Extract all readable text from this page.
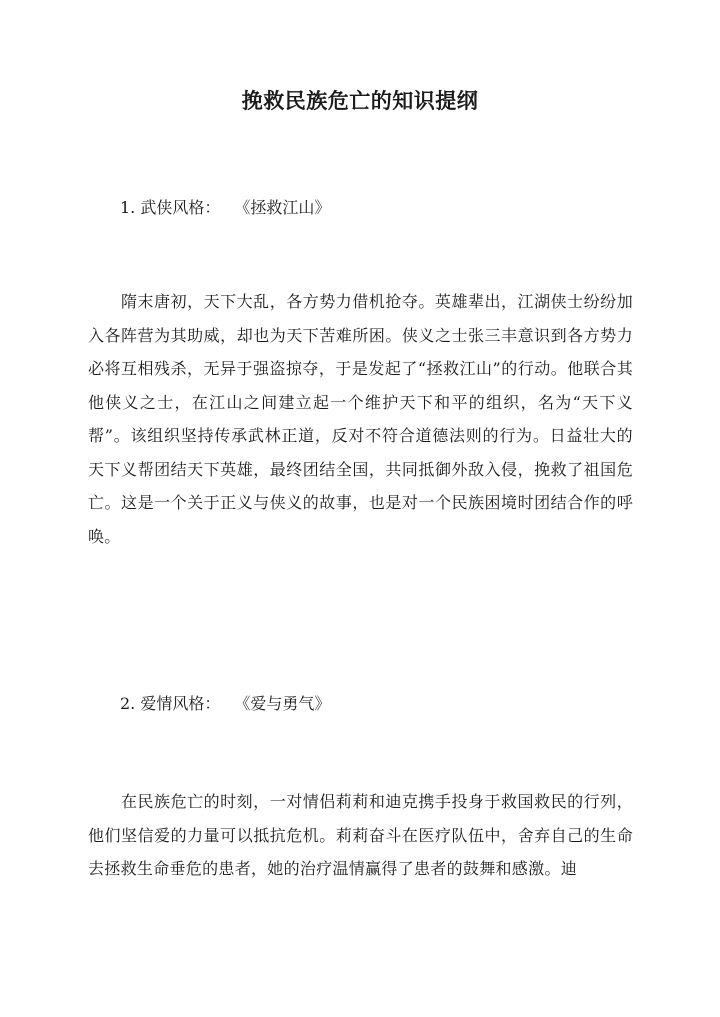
挽救民族危亡的知识提纲
1. 武侠风格： 《拯救江山》
隋末唐初，天下大乱，各方势力借机抢夺。英雄辈出，江湖侠士纷纷加入各阵营为其助威，却也为天下苦难所困。侠义之士张三丰意识到各方势力必将互相残杀，无异于强盗掠夺，于是发起了“拯救江山”的行动。他联合其他侠义之士，在江山之间建立起一个维护天下和平的组织，名为“天下义帮”。该组织坚持传承武林正道，反对不符合道德法则的行为。日益壮大的天下义帮团结天下英雄，最终团结全国，共同抵御外敌入侵，挽救了祖国危亡。这是一个关于正义与侠义的故事，也是对一个民族困境时团结合作的呼唤。
2. 爱情风格： 《爱与勇气》
在民族危亡的时刻，一对情侣莉莉和迪克携手投身于救国救民的行列，他们坚信爱的力量可以抵抗危机。莉莉奋斗在医疗队伍中，舍弃自己的生命去拯救生命垂危的患者，她的治疗温情赢得了患者的鼓舞和感激。迪
